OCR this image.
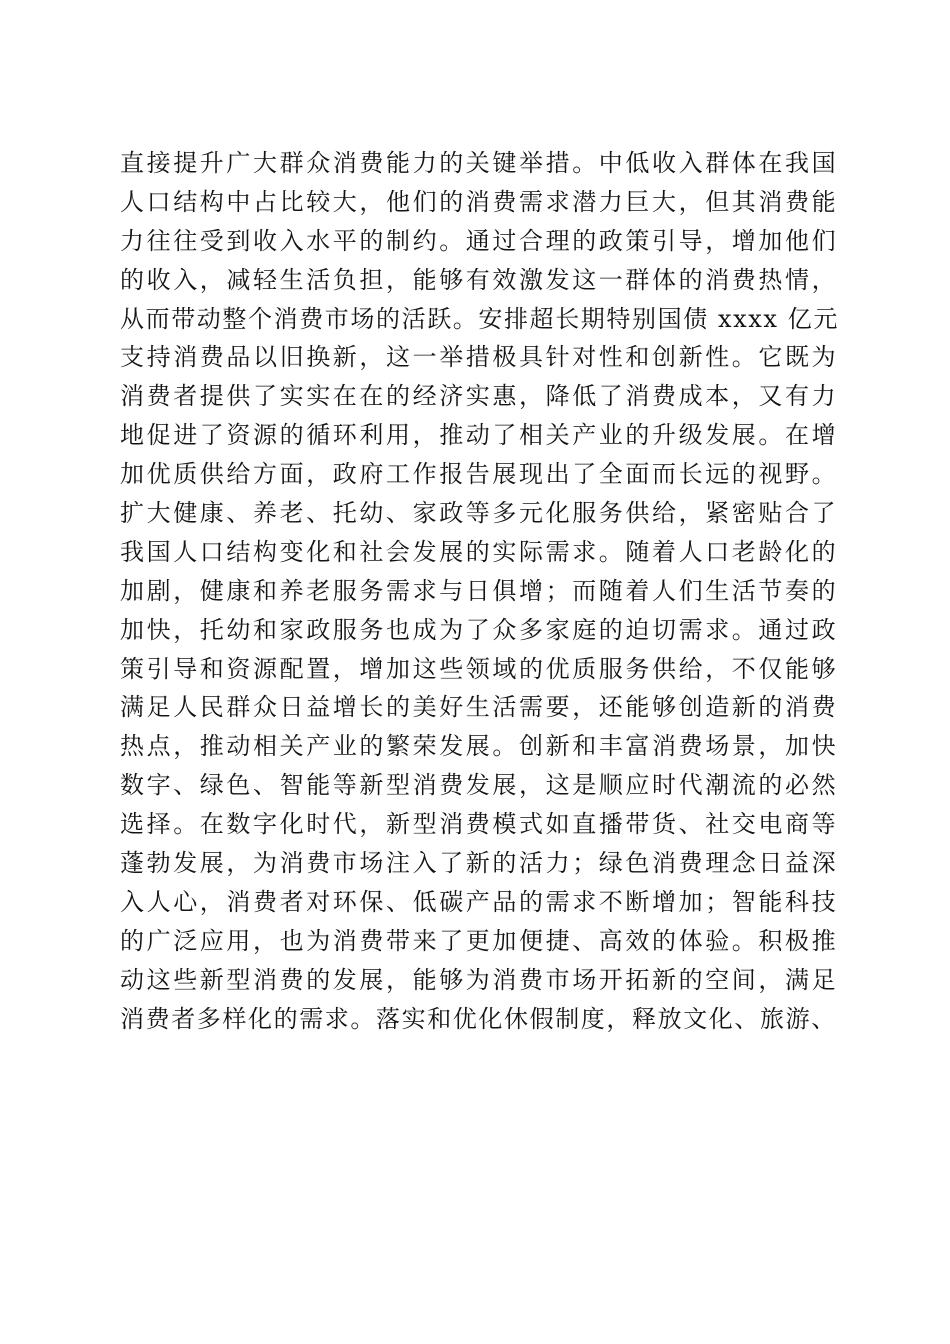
直接提升广大群众消费能力的关键举措。中低收入群体在我国
人口结构中占比较大，他们的消费需求潜力巨大，但其消费能
力往往受到收入水平的制约。通过合理的政策引导，增加他们
的收入，减轻生活负担，能够有效激发这一群体的消费热情，
从而带动整个消费市场的活跃。安排超长期特别国债 xxxx 亿元
支持消费品以旧换新，这一举措极具针对性和创新性。它既为
消费者提供了实实在在的经济实惠，降低了消费成本，又有力
地促进了资源的循环利用，推动了相关产业的升级发展。在增
加优质供给方面，政府工作报告展现出了全面而长远的视野。
扩大健康、养老、托幼、家政等多元化服务供给，紧密贴合了
我国人口结构变化和社会发展的实际需求。随着人口老龄化的
加剧，健康和养老服务需求与日俱增；而随着人们生活节奏的
加快，托幼和家政服务也成为了众多家庭的迫切需求。通过政
策引导和资源配置，增加这些领域的优质服务供给，不仅能够
满足人民群众日益增长的美好生活需要，还能够创造新的消费
热点，推动相关产业的繁荣发展。创新和丰富消费场景，加快
数字、绿色、智能等新型消费发展，这是顺应时代潮流的必然
选择。在数字化时代，新型消费模式如直播带货、社交电商等
蓬勃发展，为消费市场注入了新的活力；绿色消费理念日益深
入人心，消费者对环保、低碳产品的需求不断增加；智能科技
的广泛应用，也为消费带来了更加便捷、高效的体验。积极推
动这些新型消费的发展，能够为消费市场开拓新的空间，满足
消费者多样化的需求。落实和优化休假制度，释放文化、旅游、
